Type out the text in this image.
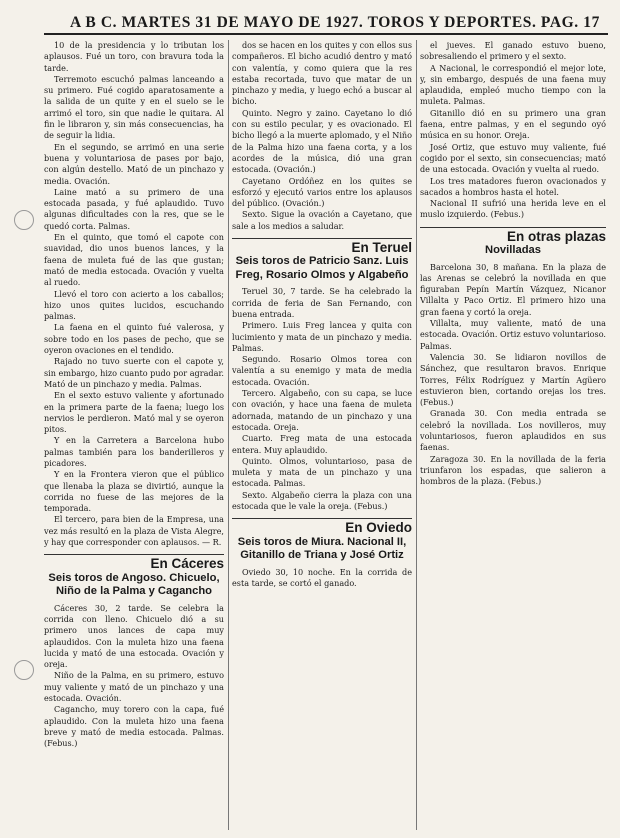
A B C. MARTES 31 DE MAYO DE 1927. TOROS Y DEPORTES. PAG. 17

10 de la presidencia y lo tributan los aplausos. Fué un toro, con bravura toda la tarde.

Terremoto escuchó palmas lanceando a su primero. Fué cogido aparatosamente a la salida de un quite y en el suelo se le arrimó el toro, sin que nadie le quitara. Al fin le libraron y, sin más consecuencias, ha de seguir la lidia.

En el segundo, se arrimó en una serie buena y voluntariosa de pases por bajo, con algún destello. Mató de un pinchazo y media. Ovación.

Laine mató a su primero de una estocada pasada, y fué aplaudido. Tuvo algunas dificultades con la res, que se le quedó corta. Palmas.

En el quinto, que tomó el capote con suavidad, dio unos buenos lances, y la faena de muleta fué de las que gustan; mató de media estocada. Ovación y vuelta al ruedo.

Llevó el toro con acierto a los caballos; hizo unos quites lucidos, escuchando palmas.

La faena en el quinto fué valerosa, y sobre todo en los pases de pecho, que se oyeron ovaciones en el tendido.

Rajado no tuvo suerte con el capote y, sin embargo, hizo cuanto pudo por agradar. Mató de un pinchazo y media. Palmas.

En el sexto estuvo valiente y afortunado en la primera parte de la faena; luego los nervios le perdieron. Mató mal y se oyeron pitos.

Y en la Carretera a Barcelona hubo palmas también para los banderilleros y picadores.

Y en la Frontera vieron que el público que llenaba la plaza se divirtió, aunque la corrida no fuese de las mejores de la temporada.

El tercero, para bien de la Empresa, una vez más resultó en la plaza de Vista Alegre, y hay que corresponder con aplausos. — R.

En Cáceres
Seis toros de Angoso. Chicuelo, Niño de la Palma y Cagancho

Cáceres 30, 2 tarde. Se celebra la corrida con lleno. Chicuelo dió a su primero unos lances de capa muy aplaudidos. Con la muleta hizo una faena lucida y mató de una estocada. Ovación y oreja.

Niño de la Palma, en su primero, estuvo muy valiente y mató de un pinchazo y una estocada. Ovación.

Cagancho, muy torero con la capa, fué aplaudido. Con la muleta hizo una faena breve y mató de media estocada. Palmas. (Febus.)

dos se hacen en los quites y con ellos sus compañeros. El bicho acudió dentro y mató con valentía, y como quiera que la res estaba recortada, tuvo que matar de un pinchazo y media, y luego echó a buscar al bicho.

Quinto. Negro y zaino. Cayetano lo dió con su estilo pecular, y es ovacionado. El bicho llegó a la muerte aplomado, y el Niño de la Palma hizo una faena corta, y a los acordes de la música, dió una gran estocada. (Ovación.)

Cayetano Ordóñez en los quites se esforzó y ejecutó varios entre los aplausos del público. (Ovación.)

Sexto. Sigue la ovación a Cayetano, que sale a los medios a saludar.

En Teruel
Seis toros de Patricio Sanz. Luis Freg, Rosario Olmos y Algabeño

Teruel 30, 7 tarde. Se ha celebrado la corrida de feria de San Fernando, con buena entrada.

Primero. Luis Freg lancea y quita con lucimiento y mata de un pinchazo y media. Palmas.

Segundo. Rosario Olmos torea con valentía a su enemigo y mata de media estocada. Ovación.

Tercero. Algabeño, con su capa, se luce con ovación, y hace una faena de muleta adornada, matando de un pinchazo y una estocada. Oreja.

Cuarto. Freg mata de una estocada entera. Muy aplaudido.

Quinto. Olmos, voluntarioso, pasa de muleta y mata de un pinchazo y una estocada. Palmas.

Sexto. Algabeño cierra la plaza con una estocada que le vale la oreja. (Febus.)

En Oviedo
Seis toros de Miura. Nacional II, Gitanillo de Triana y José Ortiz

Oviedo 30, 10 noche. En la corrida de esta tarde, se cortó el ganado.

el jueves. El ganado estuvo bueno, sobresaliendo el primero y el sexto.

A Nacional, le correspondió el mejor lote, y, sin embargo, después de una faena muy aplaudida, empleó mucho tiempo con la muleta. Palmas.

Gitanillo dió en su primero una gran faena, entre palmas, y en el segundo oyó música en su honor. Oreja.

José Ortiz, que estuvo muy valiente, fué cogido por el sexto, sin consecuencias; mató de una estocada. Ovación y vuelta al ruedo.

Los tres matadores fueron ovacionados y sacados a hombros hasta el hotel.

Nacional II sufrió una herida leve en el muslo izquierdo. (Febus.)

En otras plazas
Novilladas

Barcelona 30, 8 mañana. En la plaza de las Arenas se celebró la novillada en que figuraban Pepín Martín Vázquez, Nicanor Villalta y Paco Ortiz. El primero hizo una gran faena y cortó la oreja.

Villalta, muy valiente, mató de una estocada. Ovación. Ortiz estuvo voluntarioso. Palmas.

Valencia 30. Se lidiaron novillos de Sánchez, que resultaron bravos. Enrique Torres, Félix Rodríguez y Martín Agüero estuvieron bien, cortando orejas los tres. (Febus.)

Granada 30. Con media entrada se celebró la novillada. Los novilleros, muy voluntariosos, fueron aplaudidos en sus faenas.

Zaragoza 30. En la novillada de la feria triunfaron los espadas, que salieron a hombros de la plaza. (Febus.)
